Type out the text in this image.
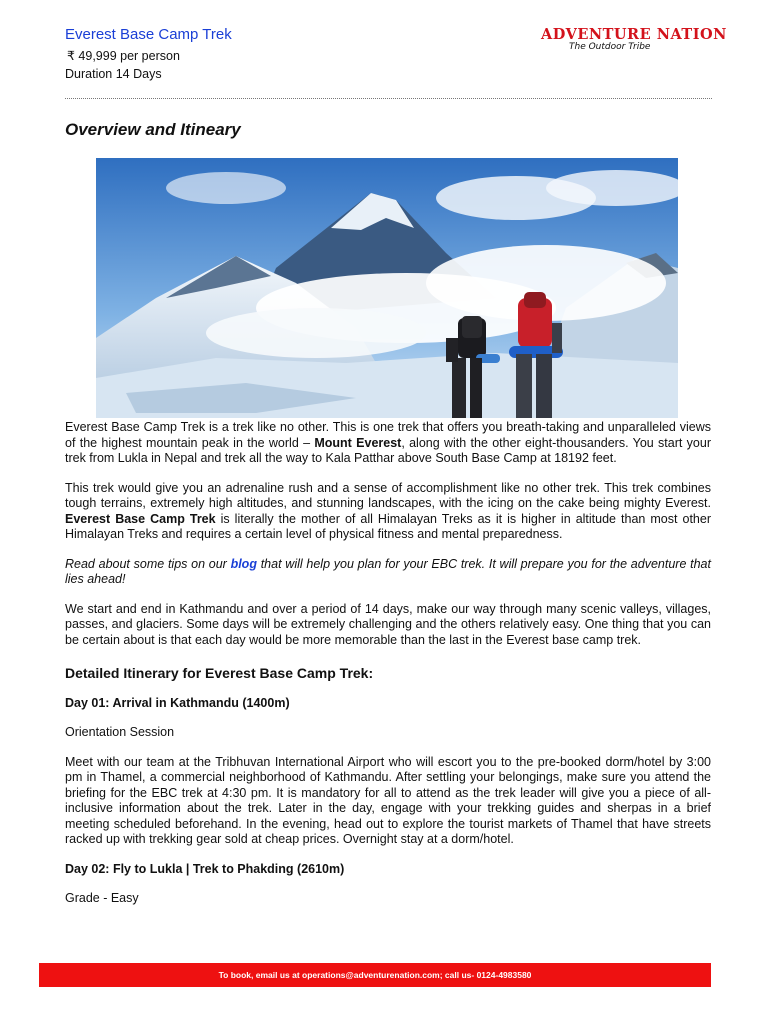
Everest Base Camp Trek

₹ 49,999 per person

Duration 14 Days

ADVENTURE NATION
The Outdoor Tribe
Overview and Itineary

Everest Base Camp Trek is a trek like no other. This is one trek that offers you breath-taking and unparalleled views of the highest mountain peak in the world – Mount Everest, along with the other eight-thousanders. You start your trek from Lukla in Nepal and trek all the way to Kala Patthar above South Base Camp at 18192 feet.

This trek would give you an adrenaline rush and a sense of accomplishment like no other trek. This trek combines tough terrains, extremely high altitudes, and stunning landscapes, with the icing on the cake being mighty Everest. Everest Base Camp Trek is literally the mother of all Himalayan Treks as it is higher in altitude than most other Himalayan Treks and requires a certain level of physical fitness and mental preparedness.

Read about some tips on our blog that will help you plan for your EBC trek. It will prepare you for the adventure that lies ahead!

We start and end in Kathmandu and over a period of 14 days, make our way through many scenic valleys, villages, passes, and glaciers. Some days will be extremely challenging and the others relatively easy. One thing that you can be certain about is that each day would be more memorable than the last in the Everest base camp trek.

Detailed Itinerary for Everest Base Camp Trek:

Day 01: Arrival in Kathmandu (1400m)

Orientation Session

Meet with our team at the Tribhuvan International Airport who will escort you to the pre-booked dorm/hotel by 3:00 pm in Thamel, a commercial neighborhood of Kathmandu. After settling your belongings, make sure you attend the briefing for the EBC trek at 4:30 pm. It is mandatory for all to attend as the trek leader will give you a piece of all-inclusive information about the trek. Later in the day, engage with your trekking guides and sherpas in a brief meeting scheduled beforehand. In the evening, head out to explore the tourist markets of Thamel that have streets racked up with trekking gear sold at cheap prices. Overnight stay at a dorm/hotel.

Day 02: Fly to Lukla | Trek to Phakding (2610m)

Grade - Easy

To book, email us at operations@adventurenation.com; call us- 0124-4983580
